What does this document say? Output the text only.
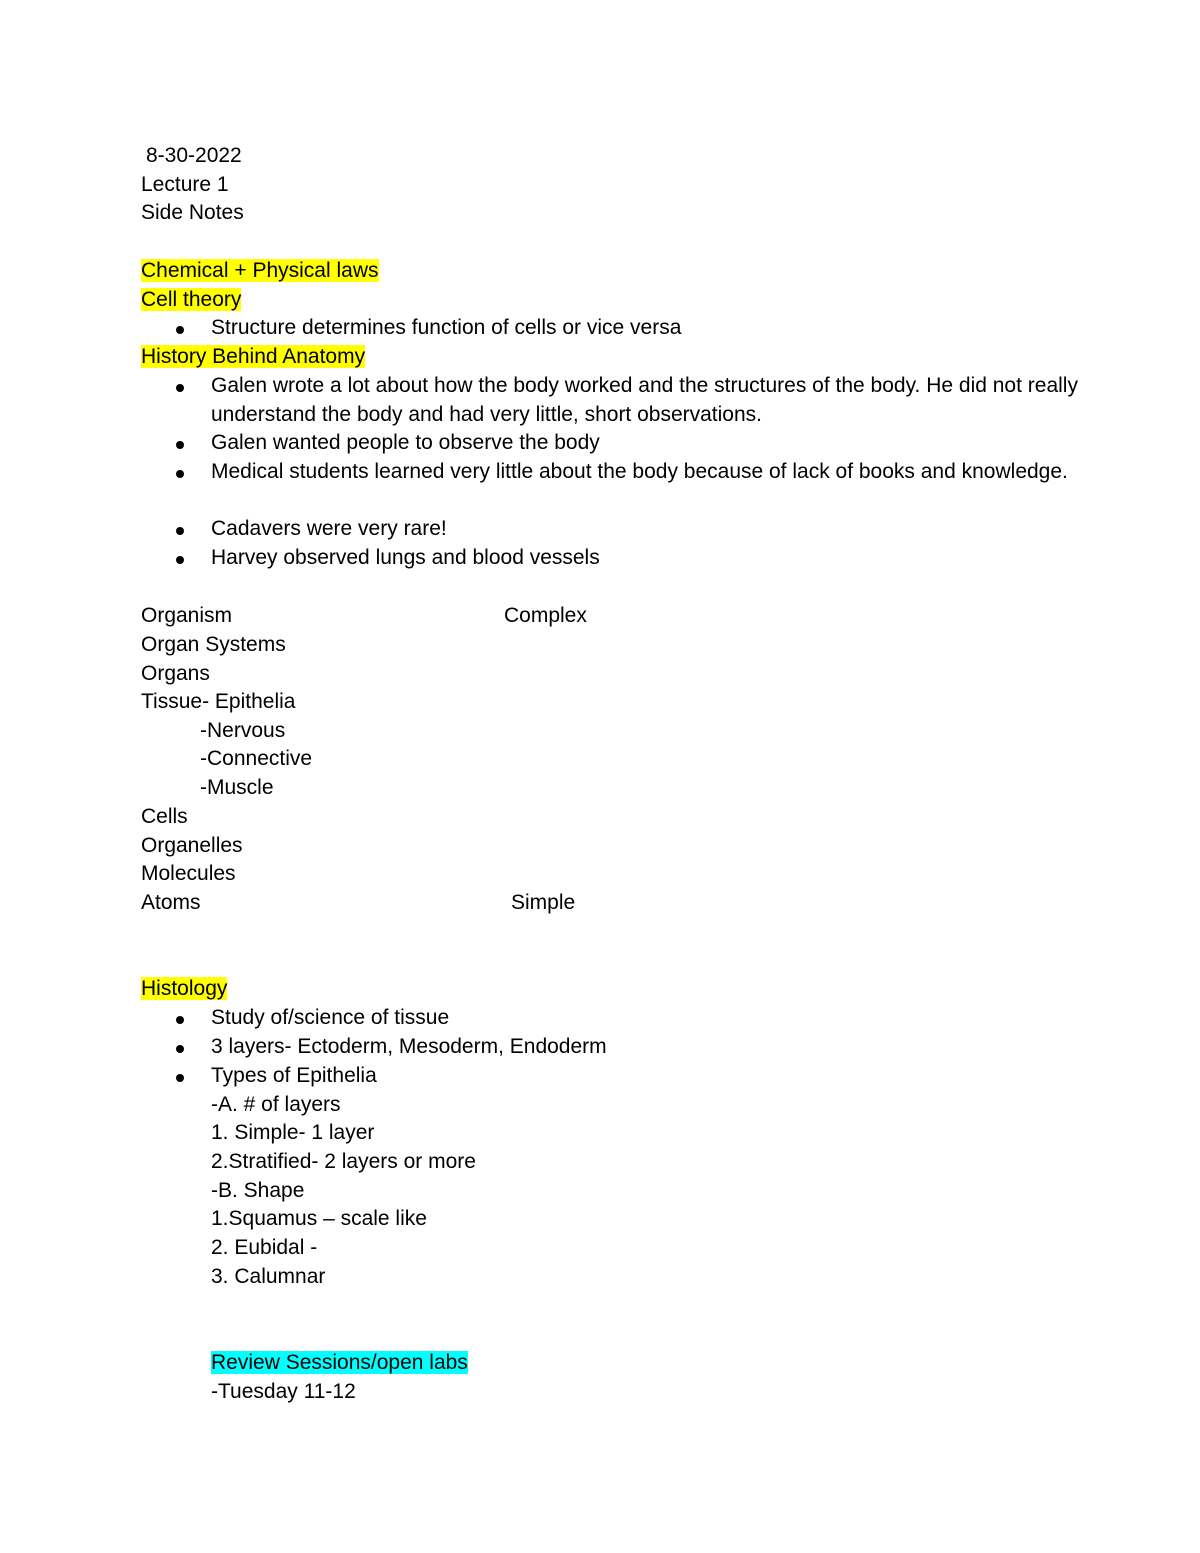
8-30-2022
Lecture 1
Side Notes
Chemical + Physical laws
Cell theory
Structure determines function of cells or vice versa
History Behind Anatomy
Galen wrote a lot about how the body worked and the structures of the body. He did not really understand the body and had very little, short observations.
Galen wanted people to observe the body
Medical students learned very little about the body because of lack of books and knowledge.
Cadavers were very rare!
Harvey observed lungs and blood vessels
Organism	Complex
Organ Systems
Organs
Tissue- Epithelia
-Nervous
-Connective
-Muscle
Cells
Organelles
Molecules
Atoms	Simple
Histology
Study of/science of tissue
3 layers- Ectoderm, Mesoderm, Endoderm
Types of Epithelia
-A. # of layers
1. Simple- 1 layer
2.Stratified- 2 layers or more
-B. Shape
1.Squamus – scale like
2. Eubidal -
3. Calumnar
Review Sessions/open labs
-Tuesday 11-12
